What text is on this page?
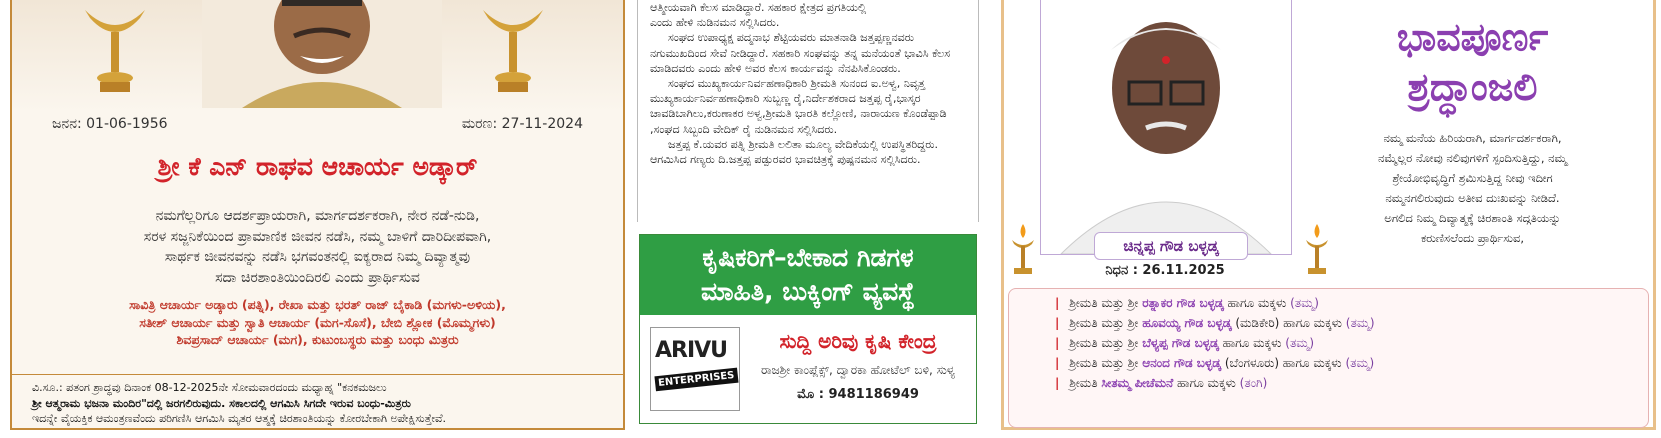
ಜನನ: 01-06-1956	ಮರಣ: 27-11-2024
ಶ್ರೀ ಕೆ ಎನ್ ರಾಘವ ಆಚಾರ್ಯ ಅಡ್ಕಾರ್
ನಮಗೆಲ್ಲರಿಗೂ ಆದರ್ಶಪ್ರಾಯರಾಗಿ, ಮಾರ್ಗದರ್ಶಕರಾಗಿ, ನೇರ ನಡೆ-ನುಡಿ,
ಸರಳ ಸಜ್ಜನಿಕೆಯಿಂದ ಪ್ರಾಮಾಣಿಕ ಜೀವನ ನಡೆಸಿ, ನಮ್ಮ ಬಾಳಿಗೆ ದಾರಿದೀಪವಾಗಿ,
ಸಾರ್ಥಕ ಜೀವನವನ್ನು ನಡೆಸಿ ಭಗವಂತನಲ್ಲಿ ಐಕ್ಯರಾದ ನಿಮ್ಮ ದಿವ್ಯಾತ್ಮವು
ಸದಾ ಚಿರಶಾಂತಿಯಿಂದಿರಲಿ ಎಂದು ಪ್ರಾರ್ಥಿಸುವ
ಸಾವಿತ್ರಿ ಆಚಾರ್ಯ ಅಡ್ಕಾರು (ಪತ್ನಿ), ರೇಖಾ ಮತ್ತು ಭರತ್ ರಾಜ್ ಬೈಕಾಡಿ (ಮಗಳು-ಅಳಿಯ),
ಸತೀಶ್ ಆಚಾರ್ಯ ಮತ್ತು ಸ್ವಾತಿ ಆಚಾರ್ಯ (ಮಗ-ಸೊಸೆ), ಬೇಬಿ ಶ್ಲೋಕ (ಮೊಮ್ಮಗಳು)
ಶಿವಪ್ರಸಾದ್ ಆಚಾರ್ಯ (ಮಗ), ಕುಟುಂಬಸ್ಥರು ಮತ್ತು ಬಂಧು ಮಿತ್ರರು
ವಿ.ಸೂ.: ಪತಂಗ ಶ್ರಾದ್ಧವು ದಿನಾಂಕ 08-12-2025ನೇ ಸೋಮವಾರದಂದು ಮಧ್ಯಾಹ್ನ "ಕನಕಮಜಲು
ಶ್ರೀ ಆತ್ಮರಾಮ ಭಜನಾ ಮಂದಿರ"ದಲ್ಲಿ ಜರಗಲಿರುವುದು. ಸಕಾಲದಲ್ಲಿ ಆಗಮಿಸಿ ಸಿಗದೇ ಇರುವ ಬಂಧು-ಮಿತ್ರರು
ಇದನ್ನೇ ವೈಯಕ್ತಿಕ ಆಮಂತ್ರಣವೆಂದು ಪರಿಗಣಿಸಿ ಆಗಮಿಸಿ ಮೃತರ ಆತ್ಮಕ್ಕೆ ಚಿರಶಾಂತಿಯನ್ನು ಕೋರಬೇಕಾಗಿ ಅಪೇಕ್ಷಿಸುತ್ತೇವೆ.

ಆತ್ಮೀಯವಾಗಿ ಕೆಲಸ ಮಾಡಿದ್ದಾರೆ. ಸಹಕಾರ ಕ್ಷೇತ್ರದ ಪ್ರಗತಿಯಲ್ಲಿ

ಎಂದು ಹೇಳಿ ನುಡಿನಮನ ಸಲ್ಲಿಸಿದರು.

ಸಂಘದ ಉಪಾಧ್ಯಕ್ಷ ಪದ್ಮನಾಭ ಶೆಟ್ಟಿಯವರು ಮಾತನಾಡಿ ಜತ್ತಪ್ಪಣ್ಣನವರು ನಗುಮುಖದಿಂದ ಸೇವೆ ನೀಡಿದ್ದಾರೆ. ಸಹಕಾರಿ ಸಂಘವನ್ನು ತನ್ನ ಮನೆಯಂತೆ ಭಾವಿಸಿ ಕೆಲಸ ಮಾಡಿದವರು ಎಂದು ಹೇಳಿ ಅವರ ಕೆಲಸ ಕಾರ್ಯವನ್ನು ನೆನಪಿಸಿಕೊಂಡರು.

ಸಂಘದ ಮುಖ್ಯಕಾರ್ಯನಿರ್ವಹಣಾಧಿಕಾರಿ ಶ್ರೀಮತಿ ಸುನಂದ ಐ.ಅಳ್ವ, ನಿವೃತ್ತ ಮುಖ್ಯಕಾರ್ಯನಿರ್ವಹಣಾಧಿಕಾರಿ ಸುಬ್ಬಣ್ಣ ರೈ,ನಿರ್ದೇಶಕರಾದ ಜತ್ತಪ್ಪ ರೈ,ಭಾಸ್ಕರ ಚಾವಡಿಬಾಗಿಲು,ಕರುಣಾಕರ ಅಳ್ವ,ಶ್ರೀಮತಿ ಭಾರತಿ ಕಲ್ಲೋಣಿ, ನಾರಾಯಣ ಕೊಂಡೆಪ್ಪಾಡಿ ,ಸಂಘದ ಸಿಬ್ಬಂದಿ ವೇದಿಕ್ ರೈ ನುಡಿನಮನ ಸಲ್ಲಿಸಿದರು.

ಜತ್ತಪ್ಪ ಕೆ.ಯವರ ಪತ್ನಿ ಶ್ರೀಮತಿ ಲಲಿತಾ ಮೂಲ್ಯ ವೇದಿಕೆಯಲ್ಲಿ ಉಪಸ್ಥಿತರಿದ್ದರು. ಆಗಮಿಸಿದ ಗಣ್ಯರು ದಿ.ಜತ್ತಪ್ಪ ಪಡ್ಪುರವರ ಭಾವಚಿತ್ರಕ್ಕೆ ಪುಷ್ಪನಮನ ಸಲ್ಲಿಸಿದರು.

ಕೃಷಿಕರಿಗೆ–ಬೇಕಾದ ಗಿಡಗಳ
ಮಾಹಿತಿ, ಬುಕ್ಕಿಂಗ್ ವ್ಯವಸ್ಥೆ
ARIVU
ENTERPRISES
ಸುದ್ದಿ ಅರಿವು ಕೃಷಿ ಕೇಂದ್ರ
ರಾಜಶ್ರೀ ಕಾಂಪ್ಲೆಕ್ಸ್, ದ್ವಾರಕಾ ಹೋಟೆಲ್ ಬಳಿ, ಸುಳ್ಯ
ಮೊ : 9481186949
ಚಿನ್ನಪ್ಪ ಗೌಡ ಬಳ್ಳಡ್ಕ
ನಿಧನ : 26.11.2025
ಭಾವಪೂರ್ಣ
ಶ್ರದ್ಧಾಂಜಲಿ
ನಮ್ಮ ಮನೆಯ ಹಿರಿಯರಾಗಿ, ಮಾರ್ಗದರ್ಶಕರಾಗಿ,
ನಮ್ಮೆಲ್ಲರ ನೋವು ನಲಿವುಗಳಿಗೆ ಸ್ಪಂದಿಸುತ್ತಿದ್ದು, ನಮ್ಮ
ಶ್ರೇಯೋಭಿವೃದ್ಧಿಗೆ ಶ್ರಮಿಸುತ್ತಿದ್ದ ನೀವು ಇದೀಗ
ನಮ್ಮನಗಲಿರುವುದು ಅತೀವ ದುಃಖವನ್ನು ನೀಡಿದೆ.
ಅಗಲಿದ ನಿಮ್ಮ ದಿವ್ಯಾತ್ಮಕ್ಕೆ ಚಿರಶಾಂತಿ ಸದ್ಗತಿಯನ್ನು
ಕರುಣಿಸಲೆಂದು ಪ್ರಾರ್ಥಿಸುವ,
| ಶ್ರೀಮತಿ ಮತ್ತು ಶ್ರೀ ರತ್ನಾಕರ ಗೌಡ ಬಳ್ಳಡ್ಕ ಹಾಗೂ ಮಕ್ಕಳು (ತಮ್ಮ)
| ಶ್ರೀಮತಿ ಮತ್ತು ಶ್ರೀ ಹೂವಯ್ಯ ಗೌಡ ಬಳ್ಳಡ್ಕ (ಮಡಿಕೇರಿ) ಹಾಗೂ ಮಕ್ಕಳು (ತಮ್ಮ)
| ಶ್ರೀಮತಿ ಮತ್ತು ಶ್ರೀ ಬೆಳ್ಯಪ್ಪ ಗೌಡ ಬಳ್ಳಡ್ಕ ಹಾಗೂ ಮಕ್ಕಳು (ತಮ್ಮ)
| ಶ್ರೀಮತಿ ಮತ್ತು ಶ್ರೀ ಆನಂದ ಗೌಡ ಬಳ್ಳಡ್ಕ (ಬೆಂಗಳೂರು) ಹಾಗೂ ಮಕ್ಕಳು (ತಮ್ಮ)
| ಶ್ರೀಮತಿ ಸೀತಮ್ಮ ಪೀಚೆಮನೆ ಹಾಗೂ ಮಕ್ಕಳು (ತಂಗಿ)
